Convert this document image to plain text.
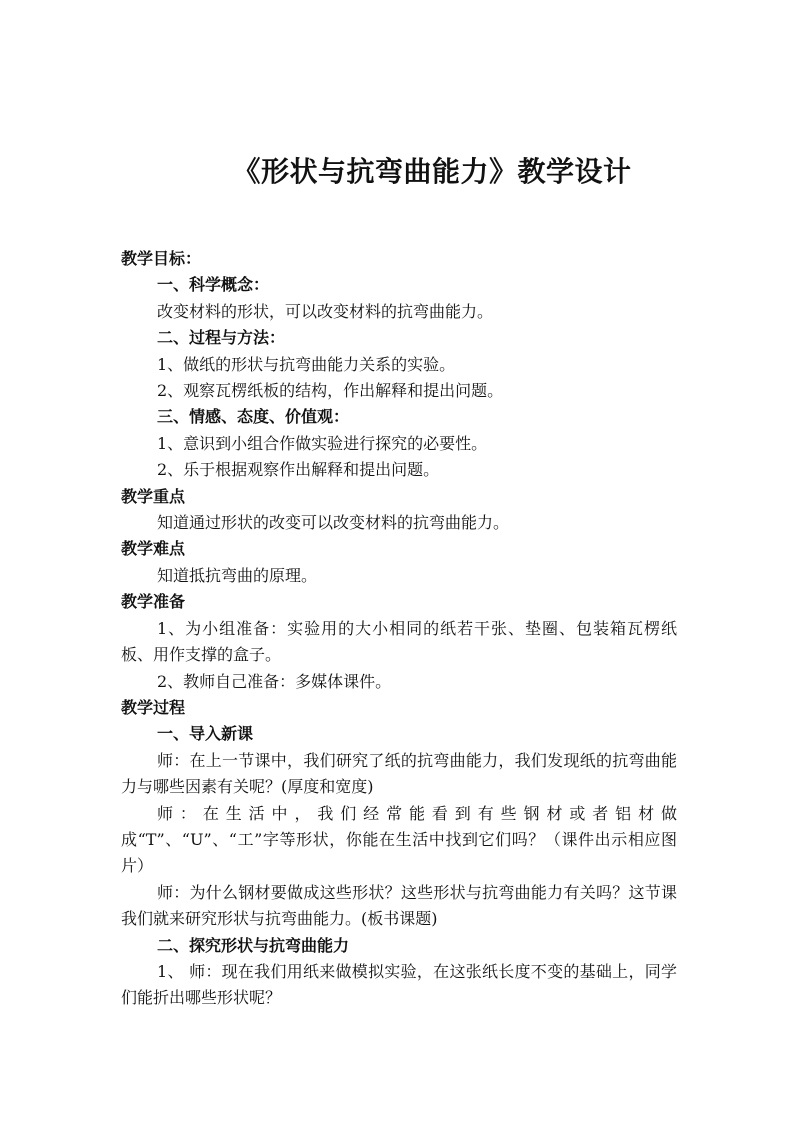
《形状与抗弯曲能力》教学设计

教学目标：

一、科学概念：

改变材料的形状，可以改变材料的抗弯曲能力。

二、过程与方法：

1、做纸的形状与抗弯曲能力关系的实验。

2、观察瓦楞纸板的结构，作出解释和提出问题。

三、情感、态度、价值观：

1、意识到小组合作做实验进行探究的必要性。

2、乐于根据观察作出解释和提出问题。

教学重点

知道通过形状的改变可以改变材料的抗弯曲能力。

教学难点

知道抵抗弯曲的原理。

教学准备

1、为小组准备：实验用的大小相同的纸若干张、垫圈、包装箱瓦楞纸板、用作支撑的盒子。

2、教师自己准备：多媒体课件。

教学过程

一、导入新课

师：在上一节课中，我们研究了纸的抗弯曲能力，我们发现纸的抗弯曲能力与哪些因素有关呢？(厚度和宽度)

师：在生活中，我们经常能看到有些钢材或者铝材做成“T”、“U”、“工”字等形状，你能在生活中找到它们吗？（课件出示相应图片）

师：为什么钢材要做成这些形状？这些形状与抗弯曲能力有关吗？这节课我们就来研究形状与抗弯曲能力。(板书课题)

二、探究形状与抗弯曲能力

1、 师：现在我们用纸来做模拟实验，在这张纸长度不变的基础上，同学们能折出哪些形状呢？
